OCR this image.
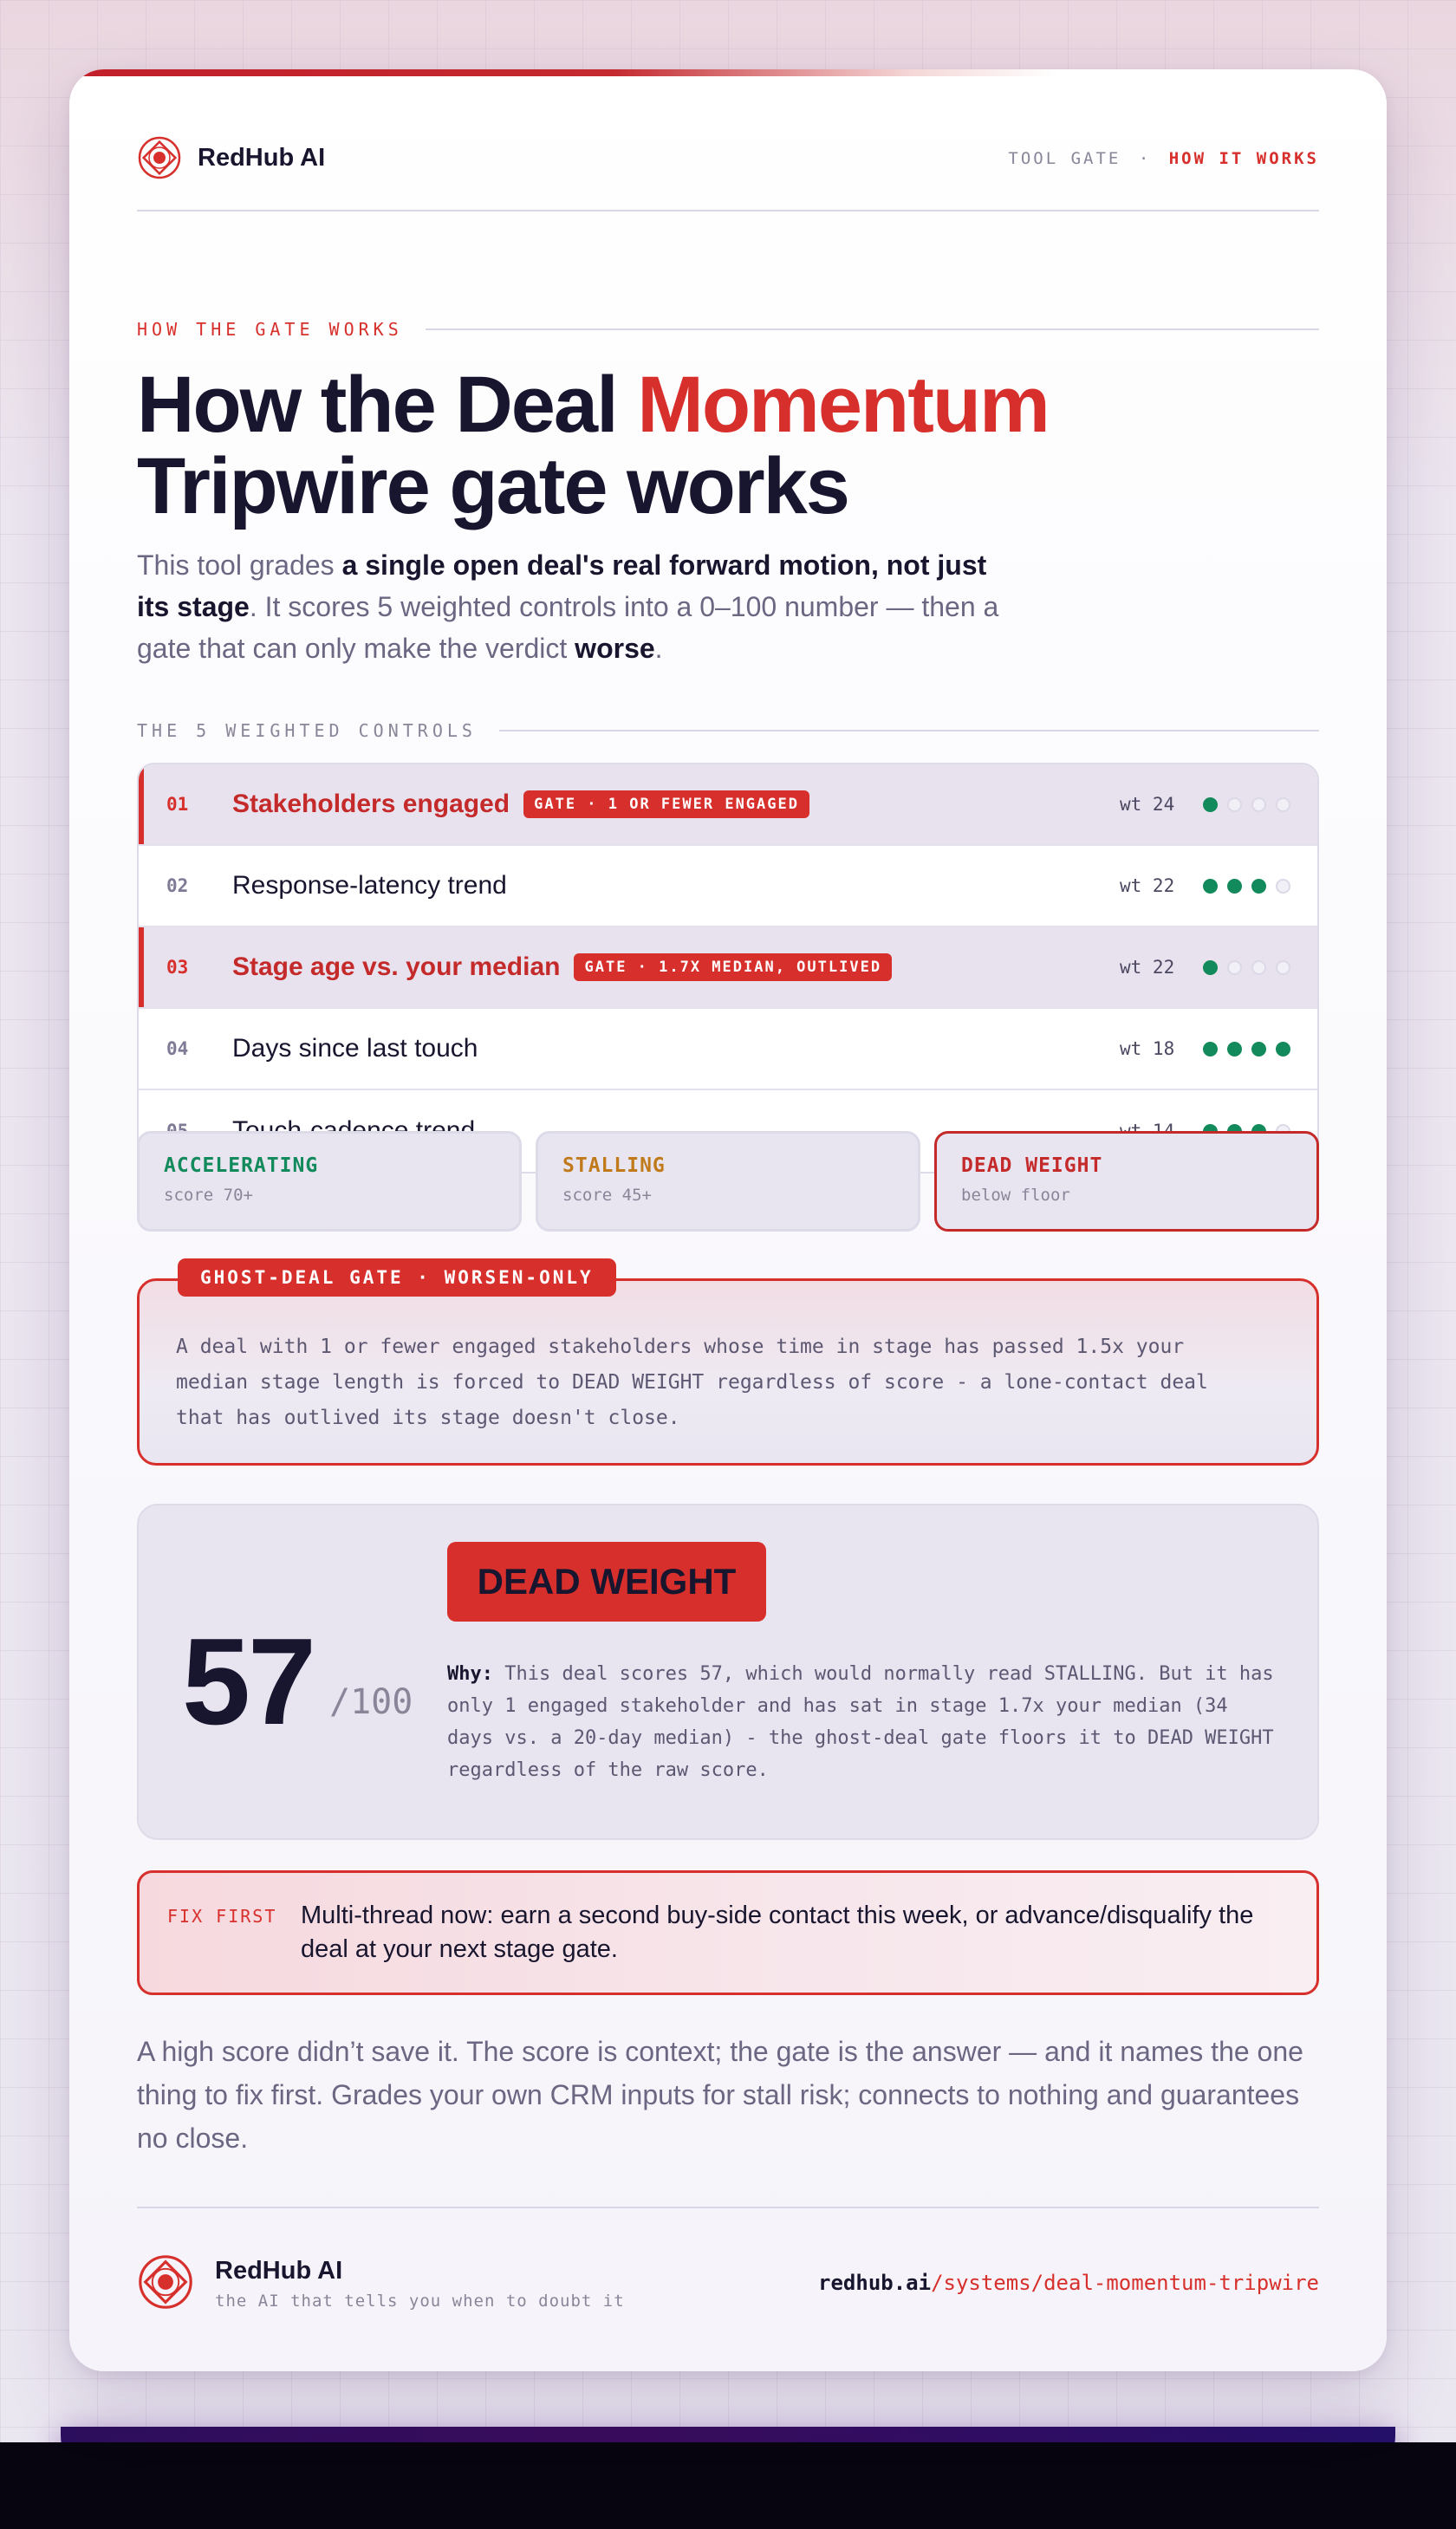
RedHub AI	TOOL GATE · HOW IT WORKS
HOW THE GATE WORKS
How the Deal Momentum
Tripwire gate works
This tool grades a single open deal's real forward motion, not just its stage. It scores 5 weighted controls into a 0–100 number — then a gate that can only make the verdict worse.
THE 5 WEIGHTED CONTROLS
01 Stakeholders engaged	GATE · 1 OR FEWER ENGAGED	wt 24
02 Response-latency trend	wt 22
03 Stage age vs. your median	GATE · 1.7X MEDIAN, OUTLIVED	wt 22
04 Days since last touch	wt 18
ACCELERATING
score 70+
STALLING
score 45+
DEAD WEIGHT
below floor
GHOST-DEAL GATE · WORSEN-ONLY
A deal with 1 or fewer engaged stakeholders whose time in stage has passed 1.5x your median stage length is forced to DEAD WEIGHT regardless of score - a lone-contact deal that has outlived its stage doesn't close.
57 /100
DEAD WEIGHT
Why: This deal scores 57, which would normally read STALLING. But it has only 1 engaged stakeholder and has sat in stage 1.7x your median (34 days vs. a 20-day median) - the ghost-deal gate floors it to DEAD WEIGHT regardless of the raw score.
FIX FIRST Multi-thread now: earn a second buy-side contact this week, or advance/disqualify the deal at your next stage gate.
A high score didn’t save it. The score is context; the gate is the answer — and it names the one thing to fix first. Grades your own CRM inputs for stall risk; connects to nothing and guarantees no close.
RedHub AI
the AI that tells you when to doubt it
redhub.ai/systems/deal-momentum-tripwire
